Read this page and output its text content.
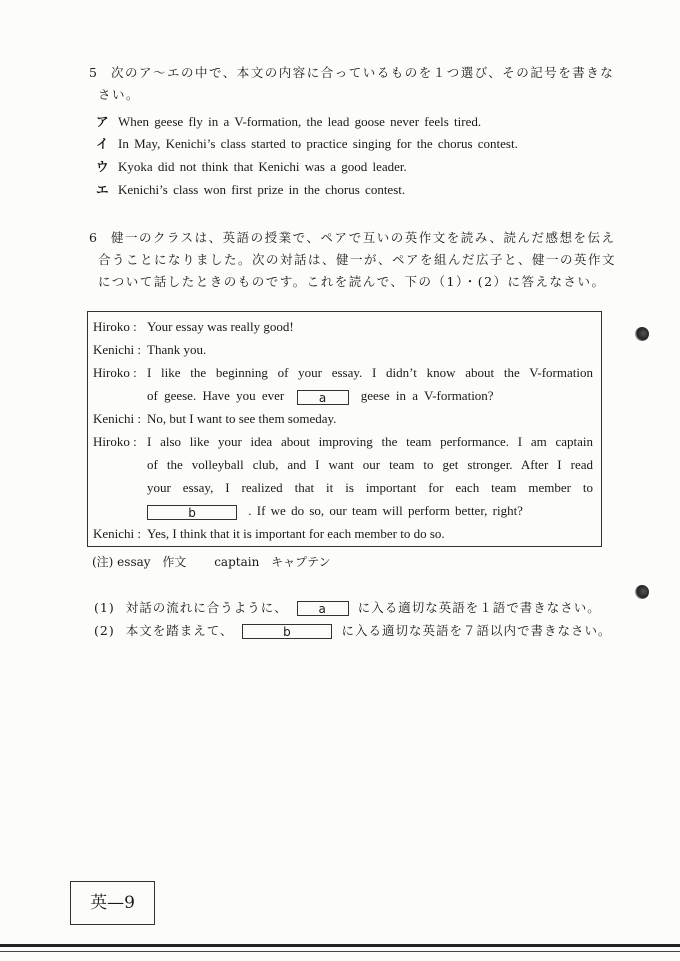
5 次のア～エの中で、本文の内容に合っているものを１つ選び、その記号を書きな
さい。
ア When geese fly in a V-formation, the lead goose never feels tired.
イ In May, Kenichi’s class started to practice singing for the chorus contest.
ウ Kyoka did not think that Kenichi was a good leader.
エ Kenichi’s class won first prize in the chorus contest.
6 健一のクラスは、英語の授業で、ペアで互いの英作文を読み、読んだ感想を伝え
合うことになりました。次の対話は、健一が、ペアを組んだ広子と、健一の英作文
について話したときのものです。これを読んで、下の（1）・(2）に答えなさい。
Hiroko : Your essay was really good!
Kenichi : Thank you.
Hiroko : I like the beginning of your essay. I didn’t know about the V-formation
of geese. Have you ever	a	geese in a V-formation?
Kenichi : No, but I want to see them someday.
Hiroko : I also like your idea about improving the team performance. I am captain
of the volleyball club, and I want our team to get stronger. After I read
your essay, I realized that it is important for each team member to
b	. If we do so, our team will perform better, right?
Kenichi : Yes, I think that it is important for each member to do so.
(注) essay 作文 captain キャプテン
(1) 対話の流れに合うように、	a に入る適切な英語を１語で書きなさい。
(2) 本文を踏まえて、	b	に入る適切な英語を７語以内で書きなさい。
英—9
